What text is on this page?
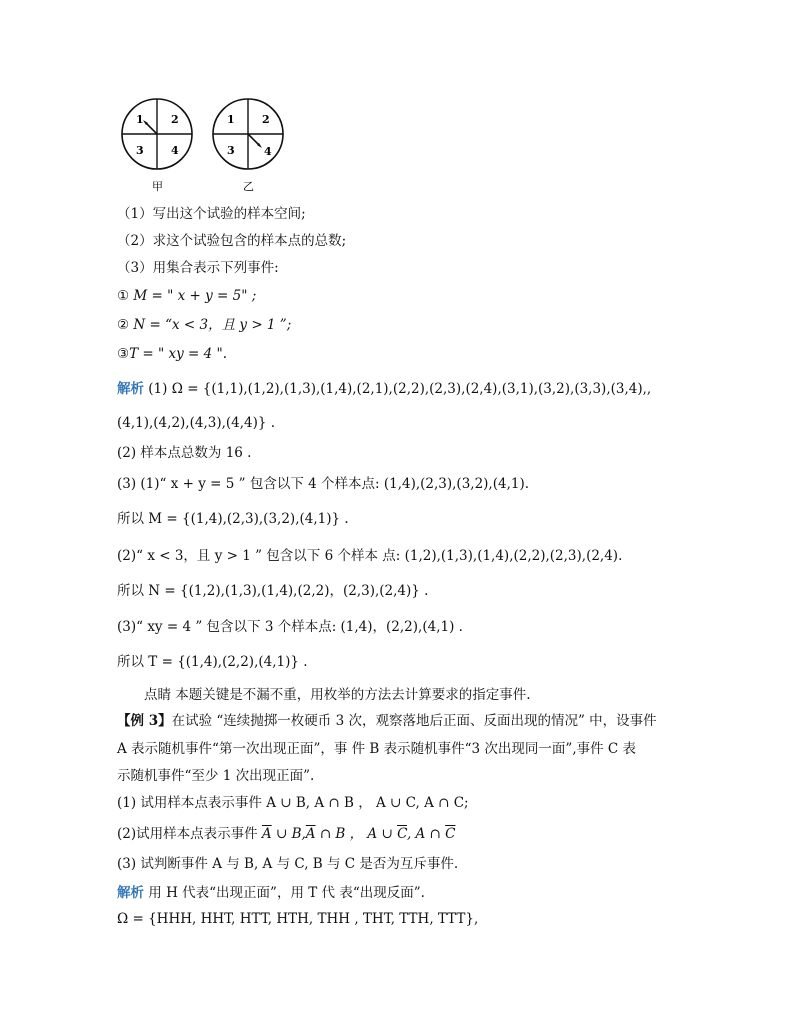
1 2
3 4
甲
1 2
3	4
乙
（1）写出这个试验的样本空间;
（2）求这个试验包含的样本点的总数;
（3）用集合表示下列事件:
① M = " x + y = 5" ;
② N = “x < 3，且 y > 1 ”;
③T = " xy = 4 ".
解析 (1) Ω = {(1,1),(1,2),(1,3),(1,4),(2,1),(2,2),(2,3),(2,4),(3,1),(3,2),(3,3),(3,4),,
(4,1),(4,2),(4,3),(4,4)} .
(2) 样本点总数为 16 .
(3) (1)“ x + y = 5 ” 包含以下 4 个样本点: (1,4),(2,3),(3,2),(4,1).
所以 M = {(1,4),(2,3),(3,2),(4,1)} .
(2)“ x < 3，且 y > 1 ” 包含以下 6 个样本 点: (1,2),(1,3),(1,4),(2,2),(2,3),(2,4).
所以 N = {(1,2),(1,3),(1,4),(2,2)，(2,3),(2,4)} .
(3)“ xy = 4 ” 包含以下 3 个样本点: (1,4)，(2,2),(4,1) .
所以 T = {(1,4),(2,2),(4,1)} .
点睛 本题关键是不漏不重，用枚举的方法去计算要求的指定事件.
【例 3】在试验 “连续抛掷一枚硬币 3 次，观察落地后正面、反面出现的情况” 中，设事件
A 表示随机事件“第一次出现正面”，事 件 B 表示随机事件“3 次出现同一面”,事件 C 表
示随机事件“至少 1 次出现正面”.
(1) 试用样本点表示事件 A ∪ B, A ∩ B ， A ∪ C, A ∩ C;
(2)试用样本点表示事件 $\overline{A}$ ∪ $B,\overline{A}$ ∩ B ， A ∪ $\overline{C}$, A ∩ $\overline{C}$
(3) 试判断事件 A 与 B, A 与 C, B 与 C 是否为互斥事件.
解析 用 H 代表“出现正面”，用 T 代 表“出现反面”.
Ω = {HHH, HHT, HTT, HTH, THH , THT, TTH, TTT},
